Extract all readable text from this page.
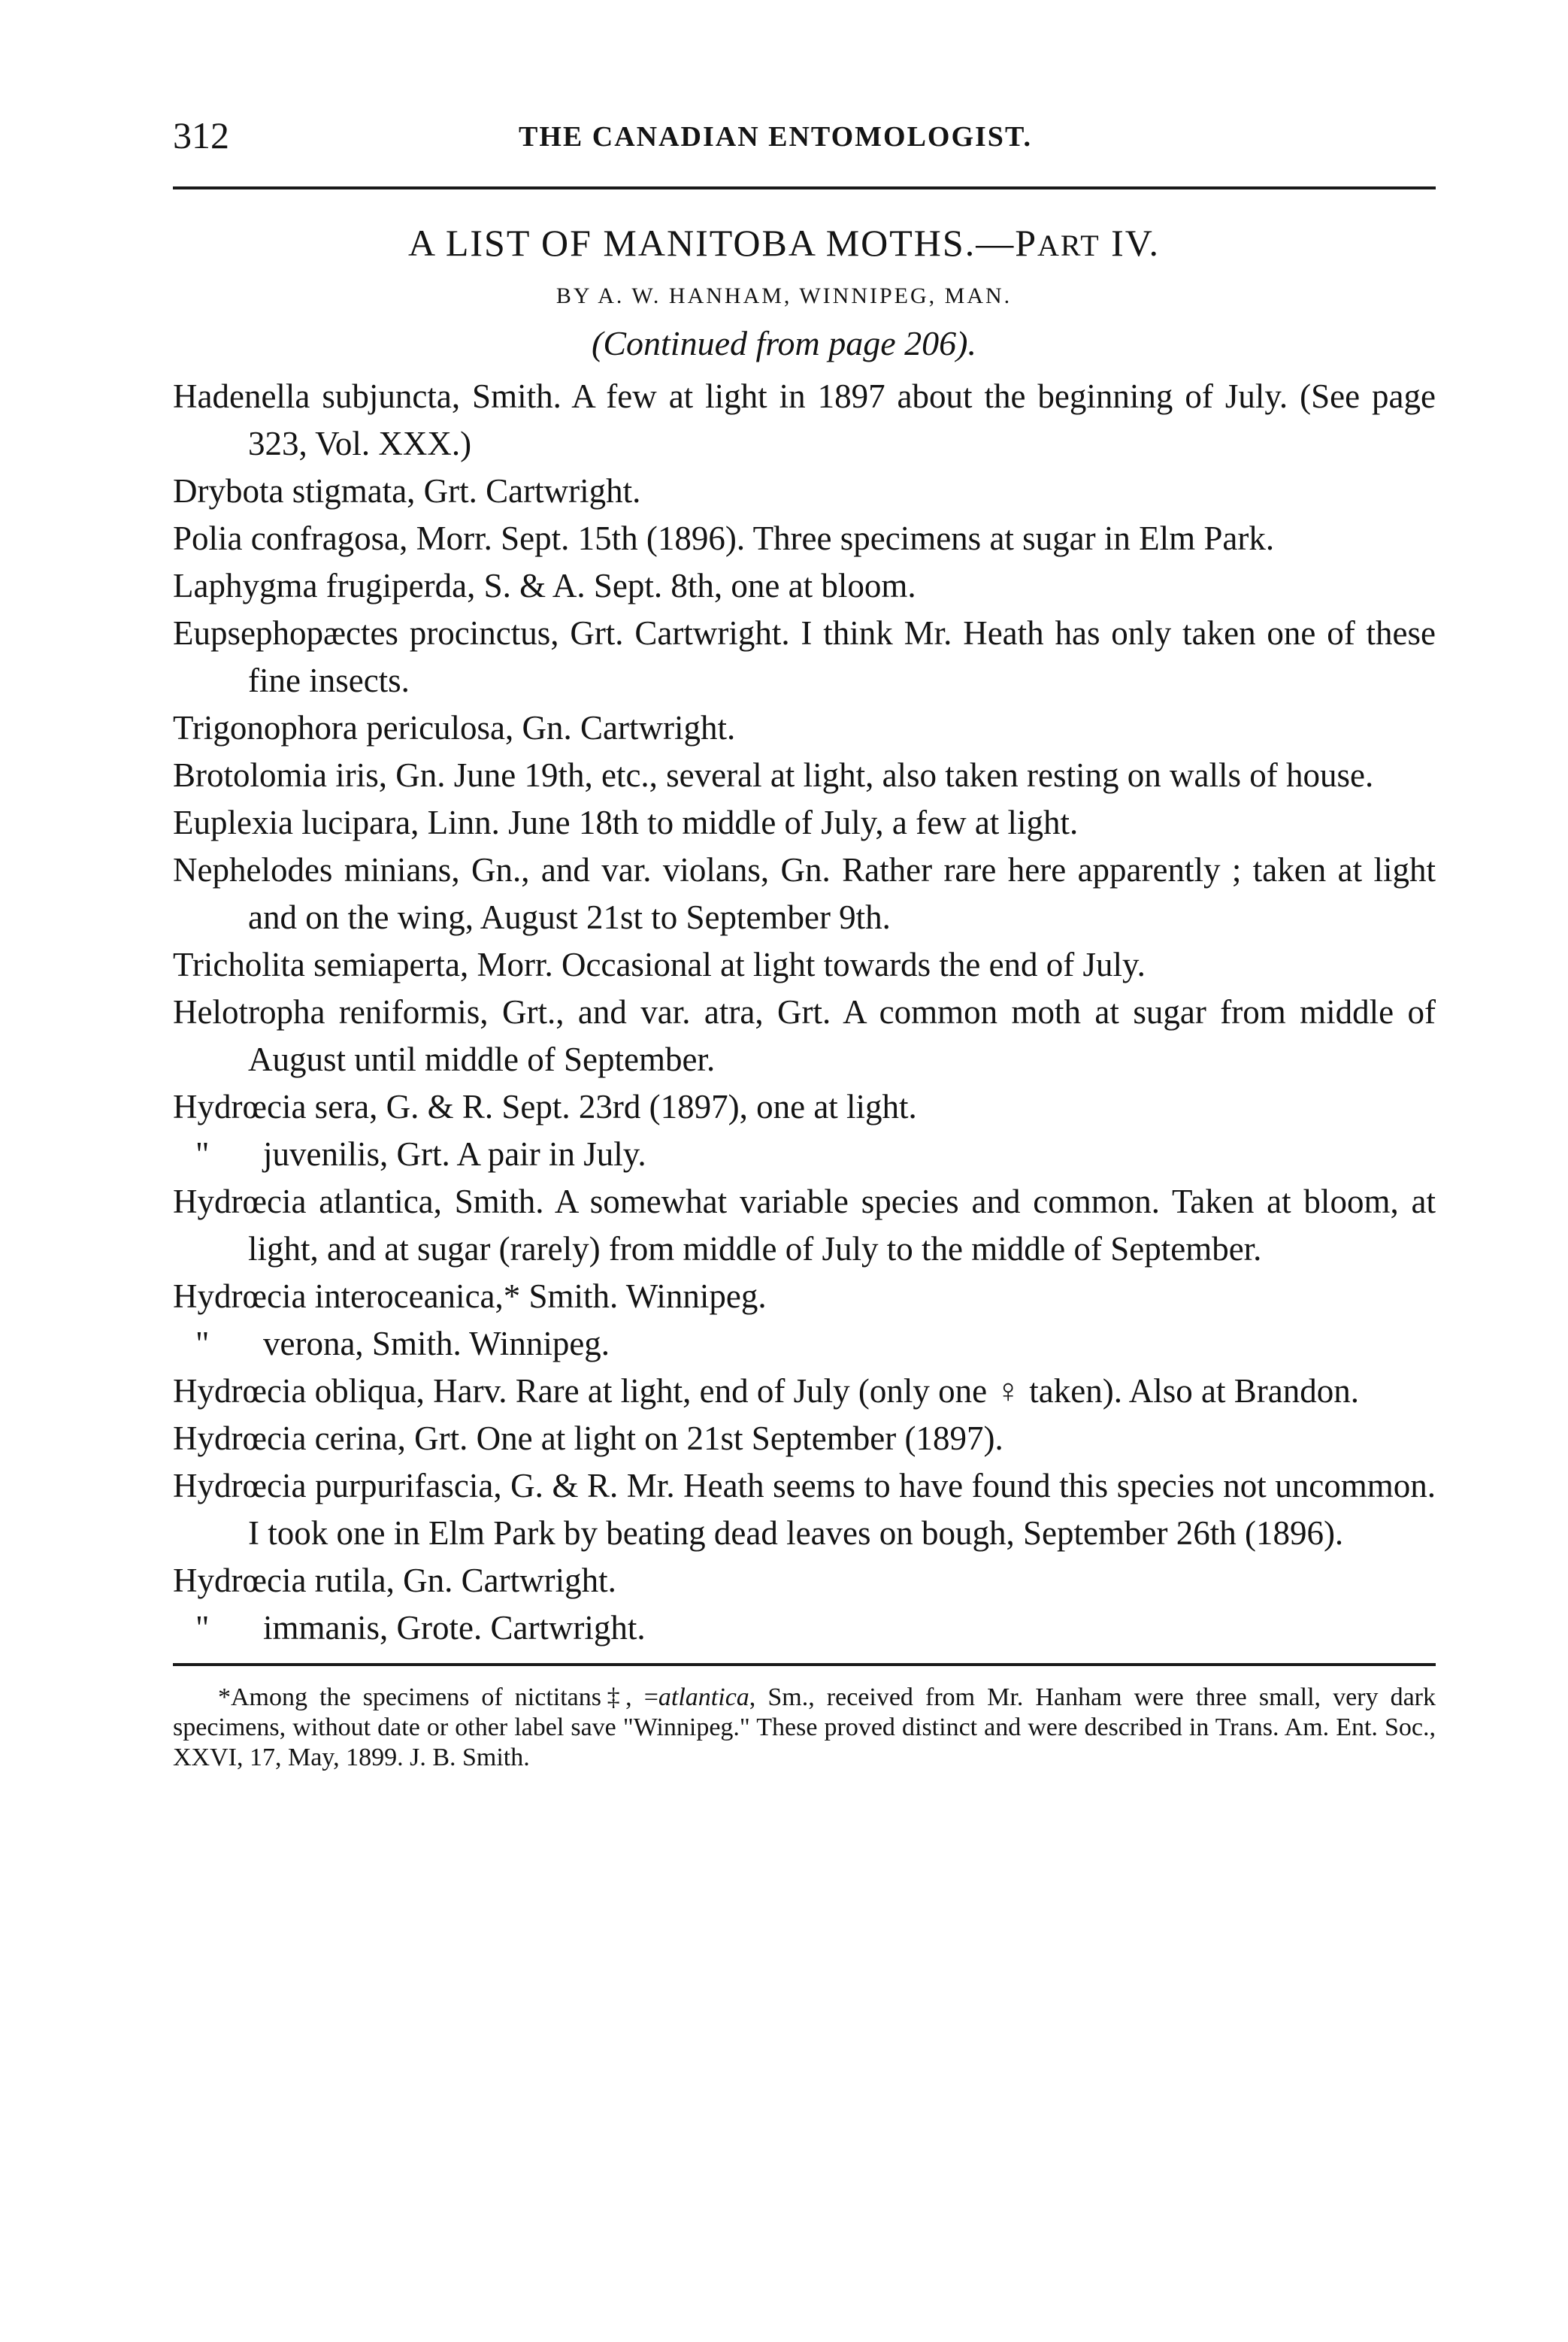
312	THE CANADIAN ENTOMOLOGIST.
A LIST OF MANITOBA MOTHS.—PART IV.
BY A. W. HANHAM, WINNIPEG, MAN.
(Continued from page 206).

Hadenella subjuncta, Smith. A few at light in 1897 about the beginning of July. (See page 323, Vol. XXX.)

Drybota stigmata, Grt. Cartwright.

Polia confragosa, Morr. Sept. 15th (1896). Three specimens at sugar in Elm Park.

Laphygma frugiperda, S. & A. Sept. 8th, one at bloom.

Eupsephopæctes procinctus, Grt. Cartwright. I think Mr. Heath has only taken one of these fine insects.

Trigonophora periculosa, Gn. Cartwright.

Brotolomia iris, Gn. June 19th, etc., several at light, also taken resting on walls of house.

Euplexia lucipara, Linn. June 18th to middle of July, a few at light.

Nephelodes minians, Gn., and var. violans, Gn. Rather rare here apparently ; taken at light and on the wing, August 21st to September 9th.

Tricholita semiaperta, Morr. Occasional at light towards the end of July.

Helotropha reniformis, Grt., and var. atra, Grt. A common moth at sugar from middle of August until middle of September.

Hydrœcia sera, G. & R. Sept. 23rd (1897), one at light.

" juvenilis, Grt. A pair in July.

Hydrœcia atlantica, Smith. A somewhat variable species and common. Taken at bloom, at light, and at sugar (rarely) from middle of July to the middle of September.

Hydrœcia interoceanica,* Smith. Winnipeg.

" verona, Smith. Winnipeg.

Hydrœcia obliqua, Harv. Rare at light, end of July (only one ♀ taken). Also at Brandon.

Hydrœcia cerina, Grt. One at light on 21st September (1897).

Hydrœcia purpurifascia, G. & R. Mr. Heath seems to have found this species not uncommon. I took one in Elm Park by beating dead leaves on bough, September 26th (1896).

Hydrœcia rutila, Gn. Cartwright.

" immanis, Grote. Cartwright.

*Among the specimens of nictitans‡, =atlantica, Sm., received from Mr. Hanham were three small, very dark specimens, without date or other label save "Winnipeg." These proved distinct and were described in Trans. Am. Ent. Soc., XXVI, 17, May, 1899. J. B. Smith.
